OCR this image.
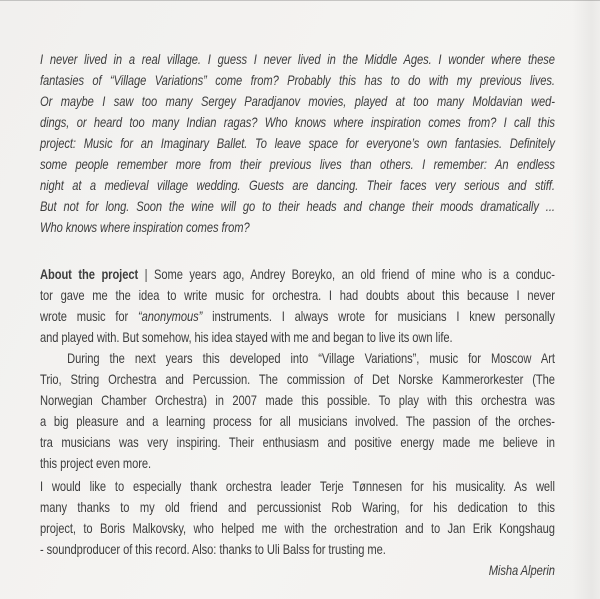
I never lived in a real village. I guess I never lived in the Middle Ages. I wonder where these
fantasies of “Village Variations” come from? Probably this has to do with my previous lives.
Or maybe I saw too many Sergey Paradjanov movies, played at too many Moldavian wed-
dings, or heard too many Indian ragas? Who knows where inspiration comes from? I call this
project: Music for an Imaginary Ballet. To leave space for everyone’s own fantasies. Definitely
some people remember more from their previous lives than others. I remember: An endless
night at a medieval village wedding. Guests are dancing. Their faces very serious and stiff.
But not for long. Soon the wine will go to their heads and change their moods dramatically ...
Who knows where inspiration comes from?
About the project | Some years ago, Andrey Boreyko, an old friend of mine who is a conduc-
tor gave me the idea to write music for orchestra. I had doubts about this because I never
wrote music for “anonymous” instruments. I always wrote for musicians I knew personally
and played with. But somehow, his idea stayed with me and began to live its own life.
During the next years this developed into “Village Variations”, music for Moscow Art
Trio, String Orchestra and Percussion. The commission of Det Norske Kammerorkester (The
Norwegian Chamber Orchestra) in 2007 made this possible. To play with this orchestra was
a big pleasure and a learning process for all musicians involved. The passion of the orches-
tra musicians was very inspiring. Their enthusiasm and positive energy made me believe in
this project even more.
I would like to especially thank orchestra leader Terje Tønnesen for his musicality. As well
many thanks to my old friend and percussionist Rob Waring, for his dedication to this
project, to Boris Malkovsky, who helped me with the orchestration and to Jan Erik Kongshaug
- soundproducer of this record. Also: thanks to Uli Balss for trusting me.
Misha Alperin
